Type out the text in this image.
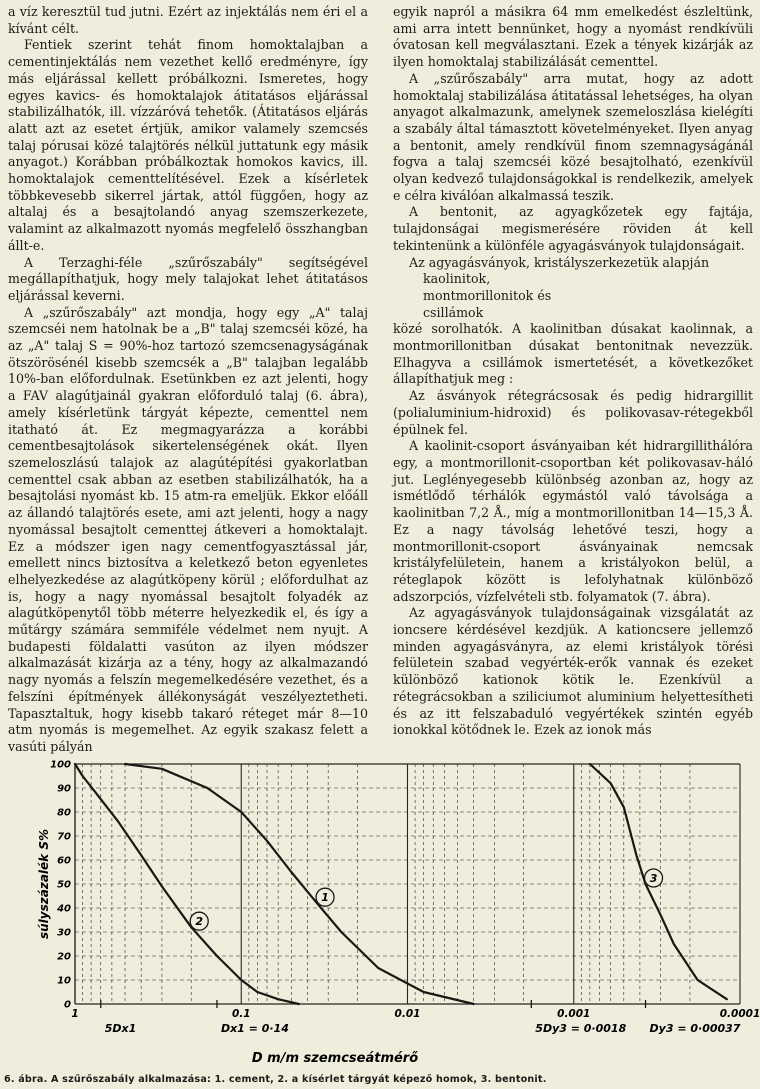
a víz keresztül tud jutni. Ezért az injektálás nem éri el a kívánt célt.

Fentiek szerint tehát finom homoktalajban a cementinjektálás nem vezethet kellő eredményre, így más eljárással kellett próbálkozni. Ismeretes, hogy egyes kavics- és homoktalajok átitatásos eljárással stabilizálhatók, ill. vízzáróvá tehetők. (Átitatásos eljárás alatt azt az esetet értjük, amikor valamely szemcsés talaj pórusai közé talajtörés nélkül juttatunk egy másik anyagot.) Korábban próbálkoztak homokos kavics, ill. homoktalajok cementtelítésével. Ezek a kísérletek többkevesebb sikerrel jártak, attól függően, hogy az altalaj és a besajtolandó anyag szemszerkezete, valamint az alkalmazott nyomás megfelelő összhangban állt-e.

A Terzaghi-féle „szűrőszabály" segítségével megállapíthatjuk, hogy mely talajokat lehet átitatásos eljárással keverni.

A „szűrőszabály" azt mondja, hogy egy „A" talaj szemcséi nem hatolnak be a „B" talaj szemcséi közé, ha az „A" talaj S = 90%-hoz tartozó szemcsenagyságának ötszörösénél kisebb szemcsék a „B" talajban legalább 10%-ban előfordulnak. Esetünkben ez azt jelenti, hogy a FAV alagútjainál gyakran előforduló talaj (6. ábra), amely kísérletünk tárgyát képezte, cementtel nem itatható át. Ez megmagyarázza a korábbi cementbesajtolások sikertelenségének okát. Ilyen szemeloszlású talajok az alagútépítési gyakorlatban cementtel csak abban az esetben stabilizálhatók, ha a besajtolási nyomást kb. 15 atm-ra emeljük. Ekkor előáll az állandó talajtörés esete, ami azt jelenti, hogy a nagy nyomással besajtolt cementtej átkeveri a homoktalajt. Ez a módszer igen nagy cementfogyasztással jár, emellett nincs biztosítva a keletkező beton egyenletes elhelyezkedése az alagútköpeny körül ; előfordulhat az is, hogy a nagy nyomással besajtolt folyadék az alagútköpenytől több méterre helyezkedik el, és így a műtárgy számára semmiféle védelmet nem nyujt. A budapesti földalatti vasúton az ilyen módszer alkalmazását kizárja az a tény, hogy az alkalmazandó nagy nyomás a felszín megemelkedésére vezethet, és a felszíni építmények állékonyságát veszélyeztetheti. Tapasztaltuk, hogy kisebb takaró réteget már 8—10 atm nyomás is megemelhet. Az egyik szakasz felett a vasúti pályán

egyik napról a másikra 64 mm emelkedést észleltünk, ami arra intett bennünket, hogy a nyomást rendkívüli óvatosan kell megválasztani. Ezek a tények kizárják az ilyen homoktalaj stabilizálását cementtel.

A „szűrőszabály" arra mutat, hogy az adott homoktalaj stabilizálása átitatással lehetséges, ha olyan anyagot alkalmazunk, amelynek szemeloszlása kielégíti a szabály által támasztott követelményeket. Ilyen anyag a bentonit, amely rendkívül finom szemnagyságánál fogva a talaj szemcséi közé besajtolható, ezenkívül olyan kedvező tulajdonságokkal is rendelkezik, amelyek e célra kiválóan alkalmassá teszik.

A bentonit, az agyagkőzetek egy fajtája, tulajdonságai megismerésére röviden át kell tekintenünk a különféle agyagásványok tulajdonságait.

Az agyagásványok, kristályszerkezetük alapján

kaolinitok,
montmorillonitok és
csillámok

közé sorolhatók. A kaolinitban dúsakat kaolinnak, a montmorillonitban dúsakat bentonitnak nevezzük. Elhagyva a csillámok ismertetését, a következőket állapíthatjuk meg :

Az ásványok rétegrácsosak és pedig hidrargillit (polialuminium-hidroxid) és polikovasav-rétegekből épülnek fel.

A kaolinit-csoport ásványaiban két hidrargillithálóra egy, a montmorillonit-csoportban két polikovasav-háló jut. Leglényegesebb különbség azonban az, hogy az ismétlődő térhálók egymástól való távolsága a kaolinitban 7,2 Å., míg a montmorillonitban 14—15,3 Å. Ez a nagy távolság lehetővé teszi, hogy a montmorillonit-csoport ásványainak nemcsak kristályfelületein, hanem a kristályokon belül, a réteglapok között is lefolyhatnak különböző adszorpciós, vízfelvételi stb. folyamatok (7. ábra).

Az agyagásványok tulajdonságainak vizsgálatát az ioncsere kérdésével kezdjük. A kationcsere jellemző minden agyagásványra, az elemi kristályok törési felületein szabad vegyérték-erők vannak és ezeket különböző kationok kötik le. Ezenkívül a rétegrácsokban a sziliciumot aluminium helyettesítheti és az itt felszabaduló vegyértékek szintén egyéb ionokkal kötődnek le. Ezek az ionok más

0
10
20
30
40
50
60
70
80
90
100
1	0.1	0.01	0.001	0.0001
1
2
3
5Dx1	Dx1 = 0·14	5Dy3 = 0·0018 Dy3 = 0·00037
D m/m szemcseátmérő
súlyszázalék S%
6. ábra. A szűrőszabály alkalmazása: 1. cement, 2. a kísérlet tárgyát képező homok, 3. bentonit.
